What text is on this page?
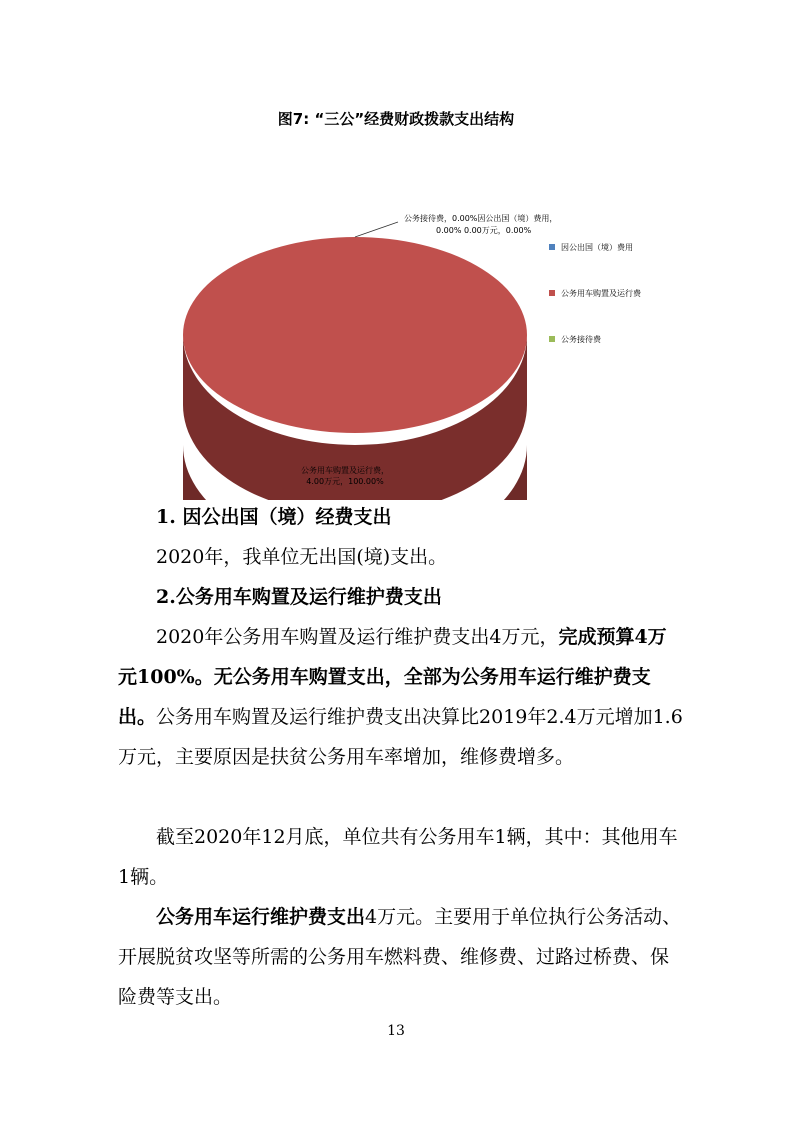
图7: “三公”经费财政拨款支出结构
公务接待费，0.00%因公出国（境）费用，
0.00% 0.00万元，0.00%
公务用车购置及运行费，
4.00万元，100.00%
因公出国（境）费用
公务用车购置及运行费
公务接待费
1. 因公出国（境）经费支出
2020年，我单位无出国(境)支出。
2.公务用车购置及运行维护费支出
2020年公务用车购置及运行维护费支出4万元，完成预算4万元100%。无公务用车购置支出，全部为公务用车运行维护费支出。公务用车购置及运行维护费支出决算比2019年2.4万元增加1.6万元，主要原因是扶贫公务用车率增加，维修费增多。
截至2020年12月底，单位共有公务用车1辆，其中：其他用车1辆。
公务用车运行维护费支出4万元。主要用于单位执行公务活动、开展脱贫攻坚等所需的公务用车燃料费、维修费、过路过桥费、保险费等支出。
13
